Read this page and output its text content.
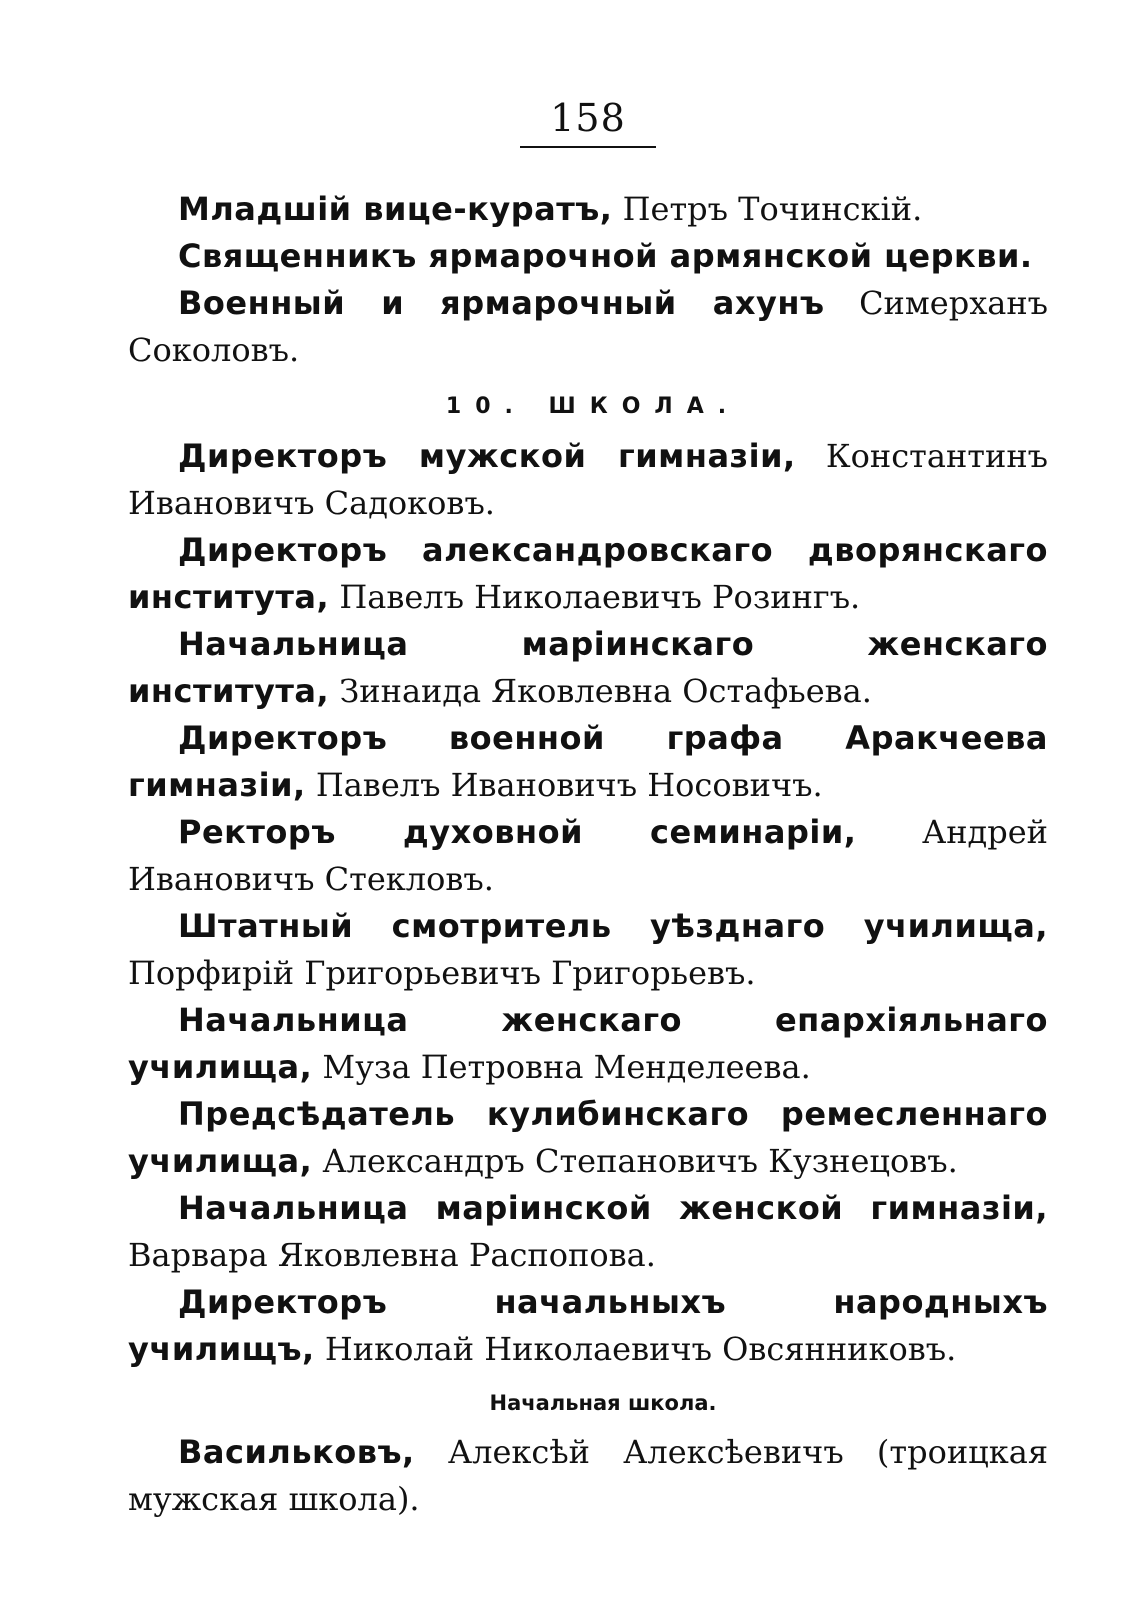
158

Младшій вице-куратъ, Петръ Точинскій.

Священникъ ярмарочной армянской церкви.

Военный и ярмарочный ахунъ Симерханъ Соколовъ.

10. ШКОЛА.

Директоръ мужской гимназіи, Константинъ Ивановичъ Садоковъ.

Директоръ александровскаго дворянскаго института, Павелъ Николаевичъ Розингъ.

Начальница маріинскаго женскаго института, Зинаида Яковлевна Остафьева.

Директоръ военной графа Аракчеева гимназіи, Павелъ Ивановичъ Носовичъ.

Ректоръ духовной семинаріи, Андрей Ивановичъ Стекловъ.

Штатный смотритель уѣзднаго училища, Порфирій Григорьевичъ Григорьевъ.

Начальница женскаго епархіяльнаго училища, Муза Петровна Менделеева.

Предсѣдатель кулибинскаго ремесленнаго училища, Александръ Степановичъ Кузнецовъ.

Начальница маріинской женской гимназіи, Варвара Яковлевна Распопова.

Директоръ начальныхъ народныхъ училищъ, Николай Николаевичъ Овсянниковъ.

Начальная школа.

Васильковъ, Алексѣй Алексѣевичъ (троицкая мужская школа).
